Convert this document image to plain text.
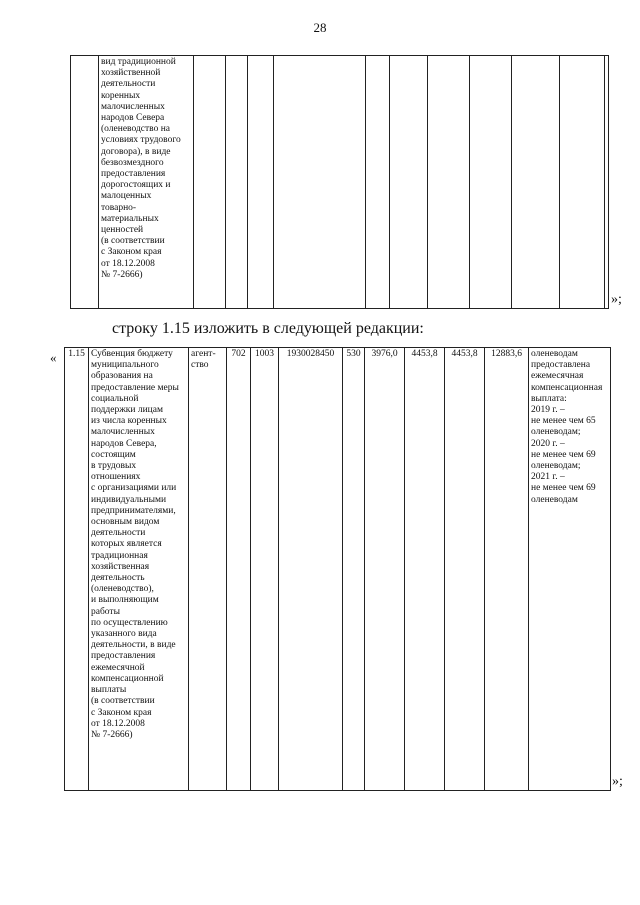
28
	вид традиционной
хозяйственной
деятельности
коренных
малочисленных
народов Севера
(оленеводство на
условиях трудового
договора), в виде
безвозмездного
предоставления
дорогостоящих и
малоценных
товарно-
материальных
ценностей
(в соответствии
с Законом края
от 18.12.2008
№ 7-2666)											
»;
строку 1.15 изложить в следующей редакции:
« 1.15	Субвенция бюджету
муниципального
образования на
предоставление меры
социальной
поддержки лицам
из числа коренных
малочисленных
народов Севера,
состоящим
в трудовых
отношениях
с организациями или
индивидуальными
предпринимателями,
основным видом
деятельности
которых является
традиционная
хозяйственная
деятельность
(оленеводство),
и выполняющим
работы
по осуществлению
указанного вида
деятельности, в виде
предоставления
ежемесячной
компенсационной
выплаты
(в соответствии
с Законом края
от 18.12.2008
№ 7-2666)	агент-
ство	702	1003	1930028450	530	3976,0	4453,8	4453,8	12883,6	оленеводам
предоставлена
ежемесячная
компенсационная
выплата:
2019 г. –
не менее чем 65
оленеводам;
2020 г. –
не менее чем 69
оленеводам;
2021 г. –
не менее чем 69
оленеводам
»;
